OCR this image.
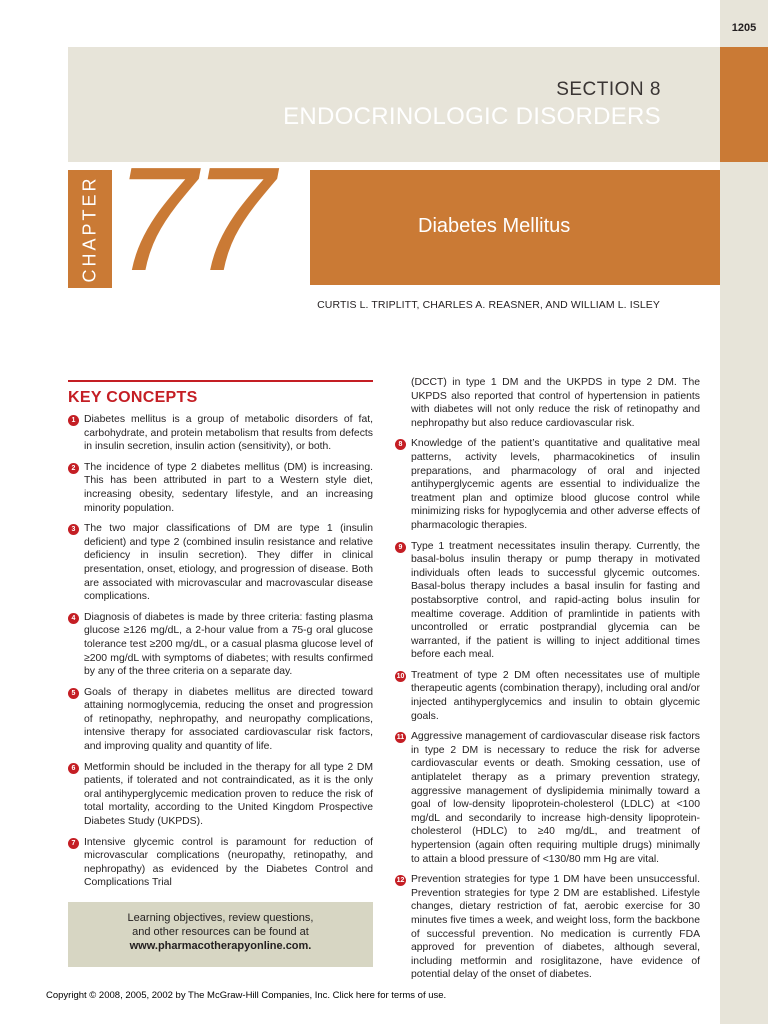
1205
SECTION 8
ENDOCRINOLOGIC DISORDERS
CHAPTER 77	Diabetes Mellitus
CURTIS L. TRIPLITT, CHARLES A. REASNER, AND WILLIAM L. ISLEY
KEY CONCEPTS
1 Diabetes mellitus is a group of metabolic disorders of fat, carbohydrate, and protein metabolism that results from defects in insulin secretion, insulin action (sensitivity), or both.
2 The incidence of type 2 diabetes mellitus (DM) is increasing. This has been attributed in part to a Western style diet, increasing obesity, sedentary lifestyle, and an increasing minority population.
3 The two major classifications of DM are type 1 (insulin deficient) and type 2 (combined insulin resistance and relative deficiency in insulin secretion). They differ in clinical presentation, onset, etiology, and progression of disease. Both are associated with microvascular and macrovascular disease complications.
4 Diagnosis of diabetes is made by three criteria: fasting plasma glucose ≥126 mg/dL, a 2-hour value from a 75-g oral glucose tolerance test ≥200 mg/dL, or a casual plasma glucose level of ≥200 mg/dL with symptoms of diabetes; with results confirmed by any of the three criteria on a separate day.
5 Goals of therapy in diabetes mellitus are directed toward attaining normoglycemia, reducing the onset and progression of retinopathy, nephropathy, and neuropathy complications, intensive therapy for associated cardiovascular risk factors, and improving quality and quantity of life.
6 Metformin should be included in the therapy for all type 2 DM patients, if tolerated and not contraindicated, as it is the only oral antihyperglycemic medication proven to reduce the risk of total mortality, according to the United Kingdom Prospective Diabetes Study (UKPDS).
7 Intensive glycemic control is paramount for reduction of microvascular complications (neuropathy, retinopathy, and nephropathy) as evidenced by the Diabetes Control and Complications Trial
Learning objectives, review questions,
and other resources can be found at
www.pharmacotherapyonline.com.
(DCCT) in type 1 DM and the UKPDS in type 2 DM. The UKPDS also reported that control of hypertension in patients with diabetes will not only reduce the risk of retinopathy and nephropathy but also reduce cardiovascular risk.
8 Knowledge of the patient’s quantitative and qualitative meal patterns, activity levels, pharmacokinetics of insulin preparations, and pharmacology of oral and injected antihyperglycemic agents are essential to individualize the treatment plan and optimize blood glucose control while minimizing risks for hypoglycemia and other adverse effects of pharmacologic therapies.
9 Type 1 treatment necessitates insulin therapy. Currently, the basal-bolus insulin therapy or pump therapy in motivated individuals often leads to successful glycemic outcomes. Basal-bolus therapy includes a basal insulin for fasting and postabsorptive control, and rapid-acting bolus insulin for mealtime coverage. Addition of pramlintide in patients with uncontrolled or erratic postprandial glycemia can be warranted, if the patient is willing to inject additional times before each meal.
10 Treatment of type 2 DM often necessitates use of multiple therapeutic agents (combination therapy), including oral and/or injected antihyperglycemics and insulin to obtain glycemic goals.
11 Aggressive management of cardiovascular disease risk factors in type 2 DM is necessary to reduce the risk for adverse cardiovascular events or death. Smoking cessation, use of antiplatelet therapy as a primary prevention strategy, aggressive management of dyslipidemia minimally toward a goal of low-density lipoprotein-cholesterol (LDLC) at <100 mg/dL and secondarily to increase high-density lipoprotein-cholesterol (HDLC) to ≥40 mg/dL, and treatment of hypertension (again often requiring multiple drugs) minimally to attain a blood pressure of <130/80 mm Hg are vital.
12 Prevention strategies for type 1 DM have been unsuccessful. Prevention strategies for type 2 DM are established. Lifestyle changes, dietary restriction of fat, aerobic exercise for 30 minutes five times a week, and weight loss, form the backbone of successful prevention. No medication is currently FDA approved for prevention of diabetes, although several, including metformin and rosiglitazone, have evidence of potential delay of the onset of diabetes.
Copyright © 2008, 2005, 2002 by The McGraw-Hill Companies, Inc. Click here for terms of use.
